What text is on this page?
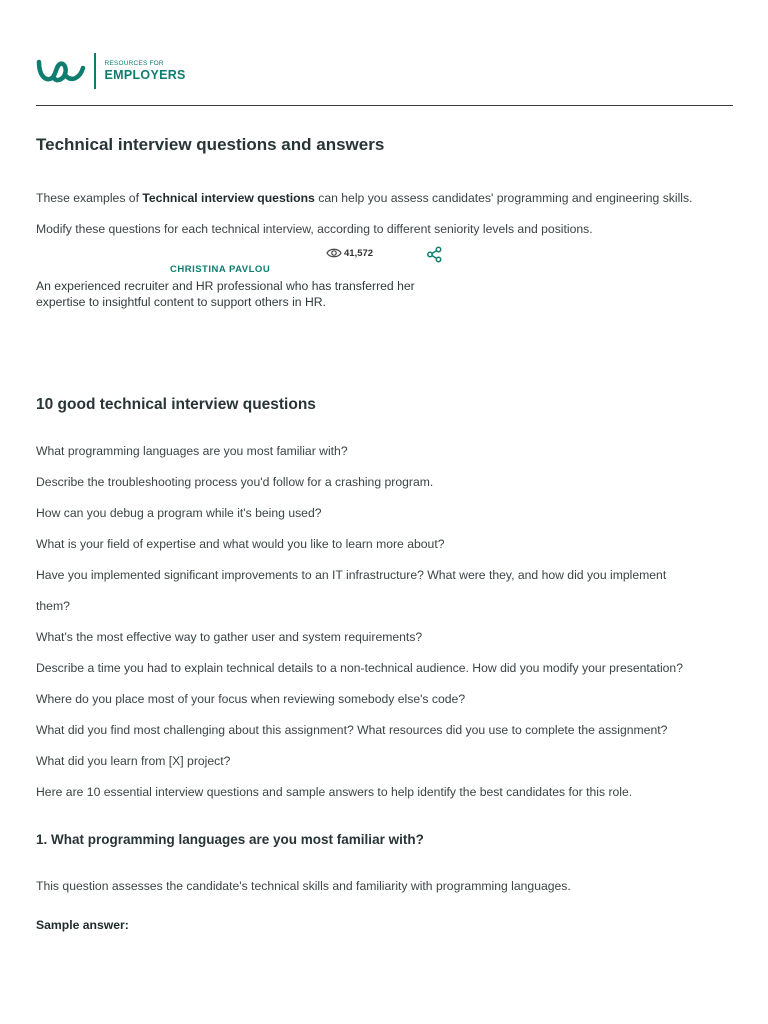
RESOURCES FOR
EMPLOYERS
Technical interview questions and answers

These examples of Technical interview questions can help you assess candidates' programming and engineering skills.

Modify these questions for each technical interview, according to different seniority levels and positions.

41,572
CHRISTINA PAVLOU

An experienced recruiter and HR professional who has transferred her expertise to insightful content to support others in HR.

10 good technical interview questions

What programming languages are you most familiar with?

Describe the troubleshooting process you'd follow for a crashing program.

How can you debug a program while it's being used?

What is your field of expertise and what would you like to learn more about?

Have you implemented significant improvements to an IT infrastructure? What were they, and how did you implement

them?

What's the most effective way to gather user and system requirements?

Describe a time you had to explain technical details to a non-technical audience. How did you modify your presentation?

Where do you place most of your focus when reviewing somebody else's code?

What did you find most challenging about this assignment? What resources did you use to complete the assignment?

What did you learn from [X] project?

Here are 10 essential interview questions and sample answers to help identify the best candidates for this role.

1. What programming languages are you most familiar with?

This question assesses the candidate's technical skills and familiarity with programming languages.

Sample answer:
